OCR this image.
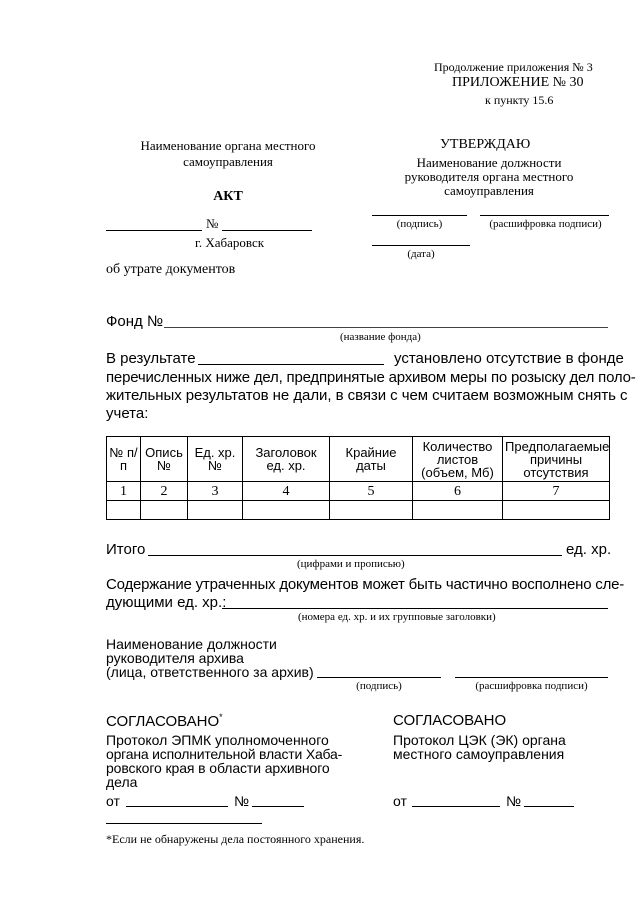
Продолжение приложения № 3
ПРИЛОЖЕНИЕ № 30
к пункту 15.6
Наименование органа местного
самоуправления
АКТ
№
г. Хабаровск
об утрате документов
УТВЕРЖДАЮ
Наименование должности
руководителя органа местного
самоуправления
(подпись)	(расшифровка подписи)
(дата)
Фонд №
(название фонда)
В результате	установлено отсутствие в фонде
перечисленных ниже дел, предпринятые архивом меры по розыску дел поло-
жительных результатов не дали, в связи с чем считаем возможным снять с
учета:
№ п/п	Опись №	Ед. хр. №	Заголовок ед. хр.	Крайние даты	Количество листов (объем, Мб)	Предполагаемые причины отсутствия
1	2	3	4	5	6	7

Итого	ед. хр.
(цифрами и прописью)
Содержание утраченных документов может быть частично восполнено сле-
дующими ед. хр.:
(номера ед. хр. и их групповые заголовки)
Наименование должности
руководителя архива
(лица, ответственного за архив)
(подпись)	(расшифровка подписи)
СОГЛАСОВАНО*
Протокол ЭПМК уполномоченного
органа исполнительной власти Хаба-
ровского края в области архивного
дела
от	№
СОГЛАСОВАНО
Протокол ЦЭК (ЭК) органа
местного самоуправления
от	№
*Если не обнаружены дела постоянного хранения.
